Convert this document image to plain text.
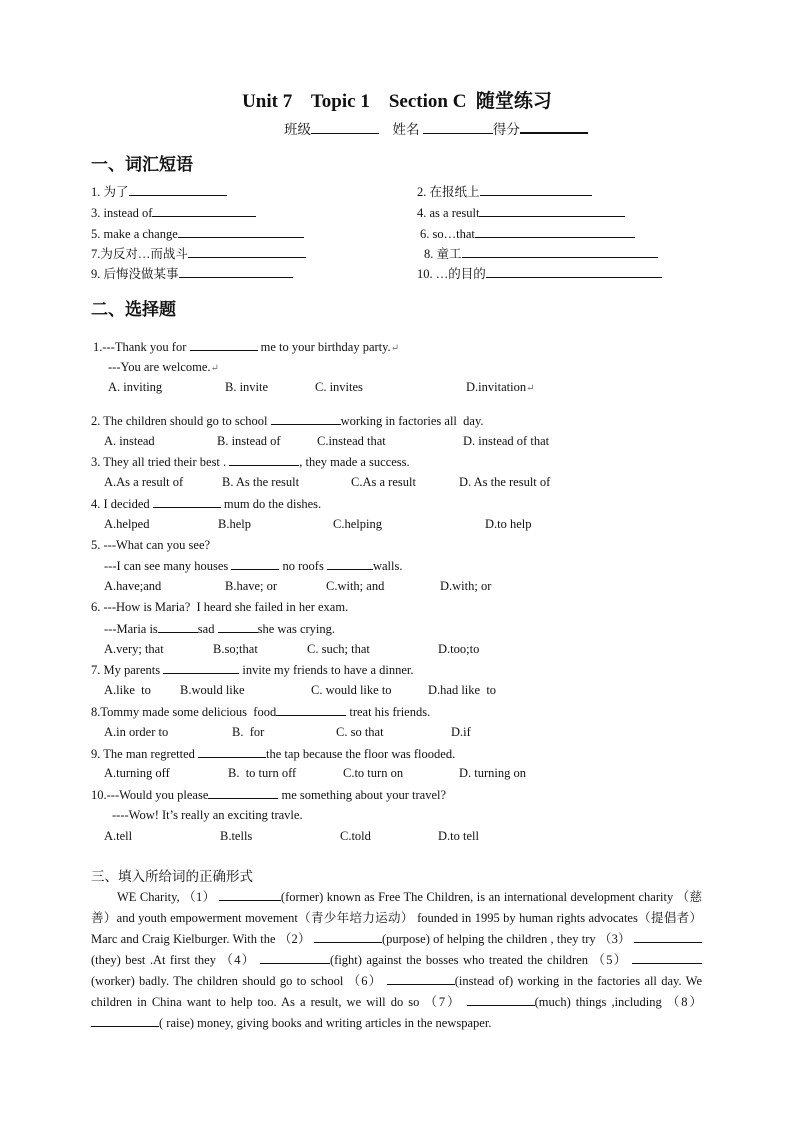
Unit 7    Topic 1    Section C  随堂练习
班级	姓名	得分
一、词汇短语
1. 为了	2. 在报纸上
3. instead of	4. as a result
5. make a change	6. so…that
7.为反对…而战斗	8. 童工
9. 后悔没做某事	10. …的目的
二、选择题
1.---Thank you for	me to your birthday party.↵
---You are welcome.↵
A. inviting	B. invite	C. invites	D.invitation↵
2. The children should go to school	working in factories all  day.
A. instead	B. instead of	C.instead that	D. instead of that
3. They all tried their best .	, they made a success.
A.As a result of	B. As the result	C.As a result	D. As the result of
4. I decided	mum do the dishes.
A.helped	B.help	C.helping	D.to help
5. ---What can you see?
---I can see many houses	no roofs	walls.
A.have;and	B.have; or	C.with; and	D.with; or
6. ---How is Maria?  I heard she failed in her exam.
---Maria is	sad	she was crying.
A.very; that	B.so;that	C. such; that	D.too;to
7. My parents	invite my friends to have a dinner.
A.like  to B.would like	C. would like to	D.had like  to
8.Tommy made some delicious  food	treat his friends.
A.in order to	B.  for	C. so that	D.if
9. The man regretted	the tap because the floor was flooded.
A.turning off	B.  to turn off	C.to turn on	D. turning on
10.---Would you please	me something about your travel?
----Wow! It’s really an exciting travle.
A.tell	B.tells	C.told	D.to tell
三、填入所给词的正确形式
WE Charity, （1）	(former) known as Free The Children, is an international development charity （慈善）and youth empowerment movement（青少年培力运动） founded in 1995 by human rights advocates（提倡者） Marc and Craig Kielburger. With the （2）	(purpose) of helping the children , they try （3） (they) best .At first they （4）	(fight) against the bosses who treated the children （5） (worker) badly. The children should go to school （6）	(instead of) working in the factories all day. We children in China want to help too. As a result, we will do so （7）	(much) things ,including （8） ( raise) money, giving books and writing articles in the newspaper.
